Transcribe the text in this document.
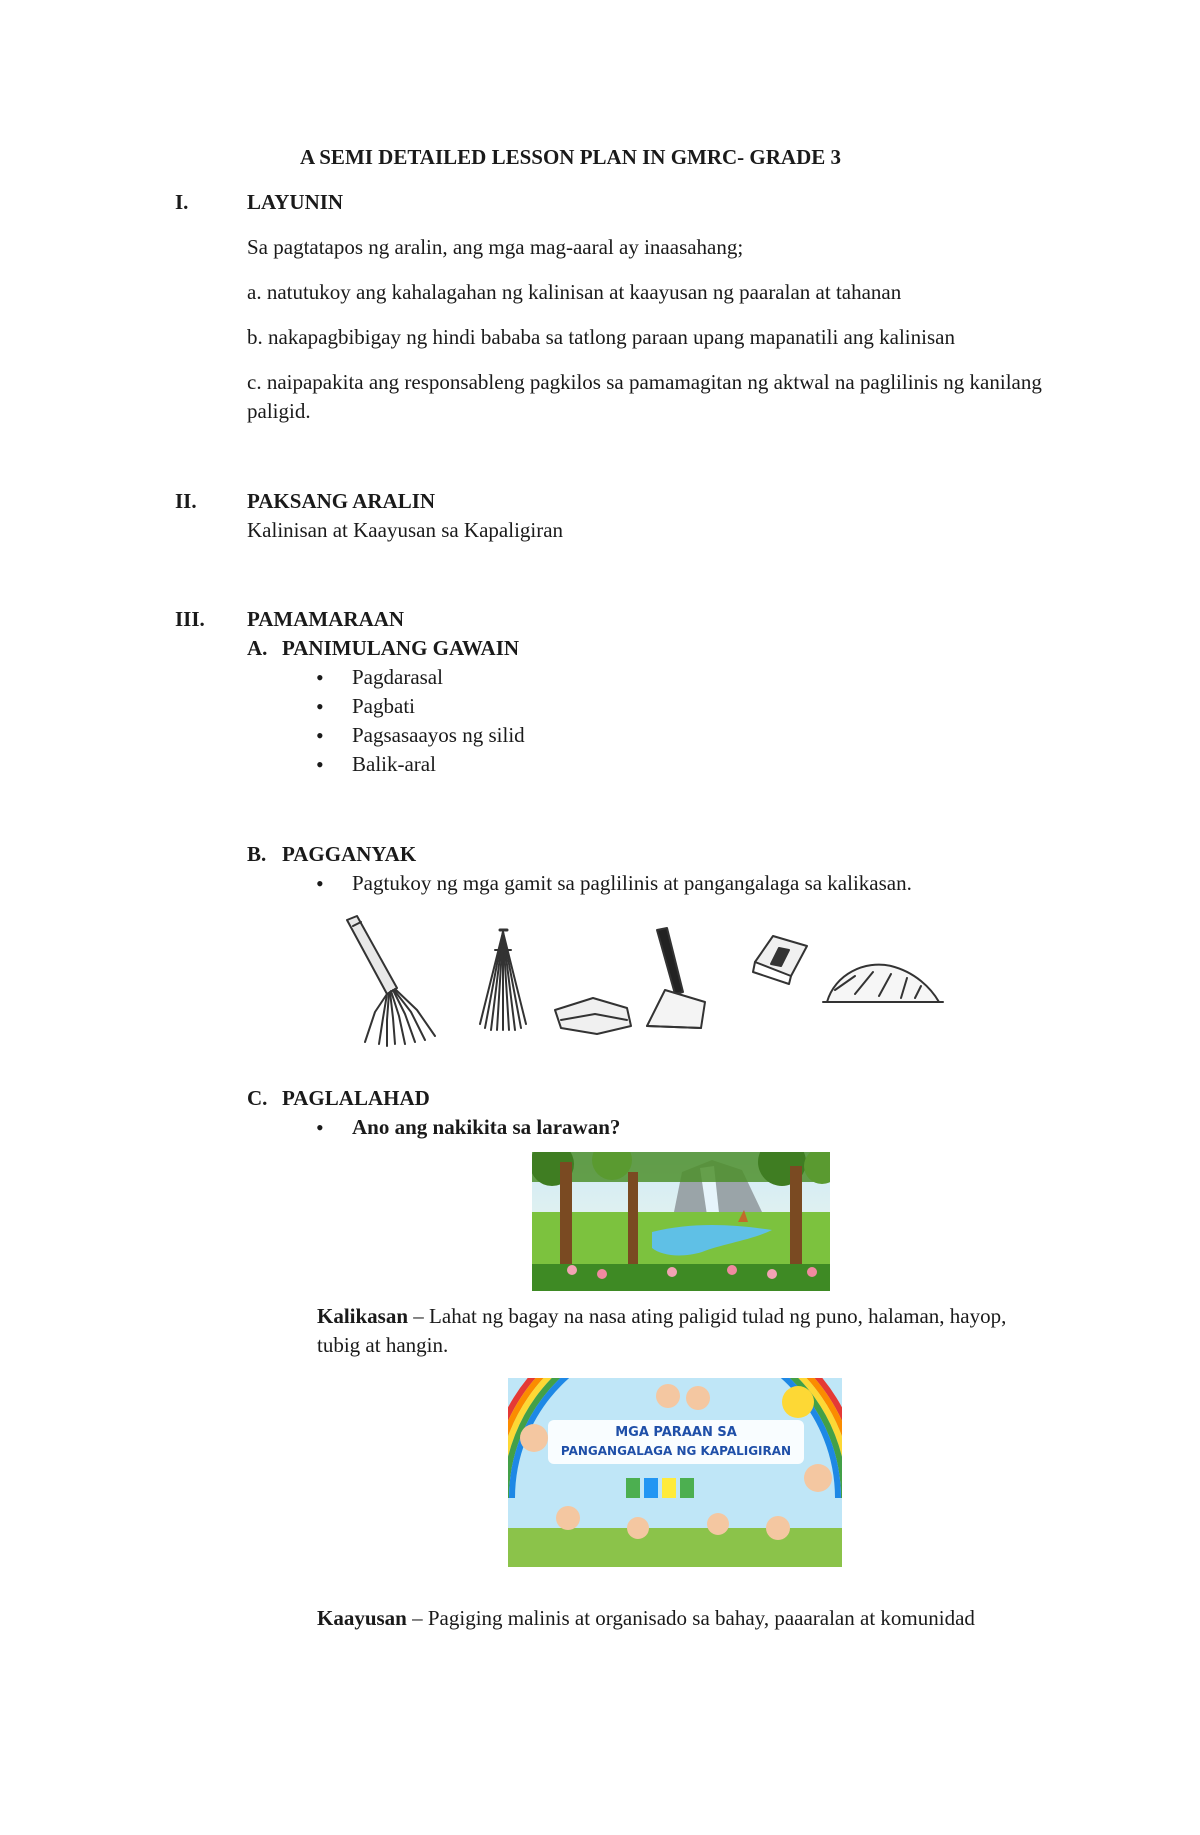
A SEMI DETAILED LESSON PLAN IN GMRC- GRADE 3
I.	LAYUNIN
Sa pagtatapos ng aralin, ang mga mag-aaral ay inaasahang;
a. natutukoy ang kahalagahan ng kalinisan at kaayusan ng paaralan at tahanan
b. nakapagbibigay ng hindi bababa sa tatlong paraan upang mapanatili ang kalinisan
c. naipapakita ang responsableng pagkilos sa pamamagitan ng aktwal na paglilinis ng kanilang paligid.
II. PAKSANG ARALIN
Kalinisan at Kaayusan sa Kapaligiran
III. PAMAMARAAN
A. PANIMULANG GAWAIN
• Pagdarasal
• Pagbati
• Pagsasaayos ng silid
• Balik-aral
B. PAGGANYAK
• Pagtukoy ng mga gamit sa paglilinis at pangangalaga sa kalikasan.
C. PAGLALAHAD
• Ano ang nakikita sa larawan?
Kalikasan – Lahat ng bagay na nasa ating paligid tulad ng puno, halaman, hayop, tubig at hangin.
MGA PARAAN SA
PANGANGALAGA NG KAPALIGIRAN
Kaayusan – Pagiging malinis at organisado sa bahay, paaaralan at komunidad
